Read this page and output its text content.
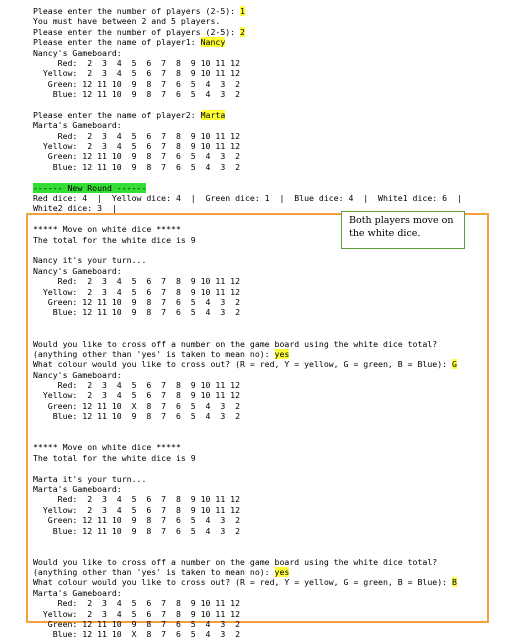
Please enter the number of players (2-5): 1
You must have between 2 and 5 players.
Please enter the number of players (2-5): 2
Please enter the name of player1: Nancy
Nancy's Gameboard:
Red:  2  3  4  5  6  7  8  9 10 11 12
Yellow:  2  3  4  5  6  7  8  9 10 11 12
Green: 12 11 10  9  8  7  6  5  4  3  2
Blue: 12 11 10  9  8  7  6  5  4  3  2
Please enter the name of player2: Marta
Marta's Gameboard:
Red:  2  3  4  5  6  7  8  9 10 11 12
Yellow:  2  3  4  5  6  7  8  9 10 11 12
Green: 12 11 10  9  8  7  6  5  4  3  2
Blue: 12 11 10  9  8  7  6  5  4  3  2
------ New Round ------
Red dice: 4  |  Yellow dice: 4  |  Green dice: 1  |  Blue dice: 4  |  White1 dice: 6  |
White2 dice: 3  |
***** Move on white dice *****
The total for the white dice is 9
Nancy it's your turn...
Nancy's Gameboard:
Red:  2  3  4  5  6  7  8  9 10 11 12
Yellow:  2  3  4  5  6  7  8  9 10 11 12
Green: 12 11 10  9  8  7  6  5  4  3  2
Blue: 12 11 10  9  8  7  6  5  4  3  2
Would you like to cross off a number on the game board using the white dice total?
(anything other than 'yes' is taken to mean no): yes
What colour would you like to cross out? (R = red, Y = yellow, G = green, B = Blue): G
Nancy's Gameboard:
Red:  2  3  4  5  6  7  8  9 10 11 12
Yellow:  2  3  4  5  6  7  8  9 10 11 12
Green: 12 11 10  X  8  7  6  5  4  3  2
Blue: 12 11 10  9  8  7  6  5  4  3  2
***** Move on white dice *****
The total for the white dice is 9
Marta it's your turn...
Marta's Gameboard:
Red:  2  3  4  5  6  7  8  9 10 11 12
Yellow:  2  3  4  5  6  7  8  9 10 11 12
Green: 12 11 10  9  8  7  6  5  4  3  2
Blue: 12 11 10  9  8  7  6  5  4  3  2
Would you like to cross off a number on the game board using the white dice total?
(anything other than 'yes' is taken to mean no): yes
What colour would you like to cross out? (R = red, Y = yellow, G = green, B = Blue): B
Marta's Gameboard:
Red:  2  3  4  5  6  7  8  9 10 11 12
Yellow:  2  3  4  5  6  7  8  9 10 11 12
Green: 12 11 10  9  8  7  6  5  4  3  2
Blue: 12 11 10  X  8  7  6  5  4  3  2
Both players move on the white dice.
